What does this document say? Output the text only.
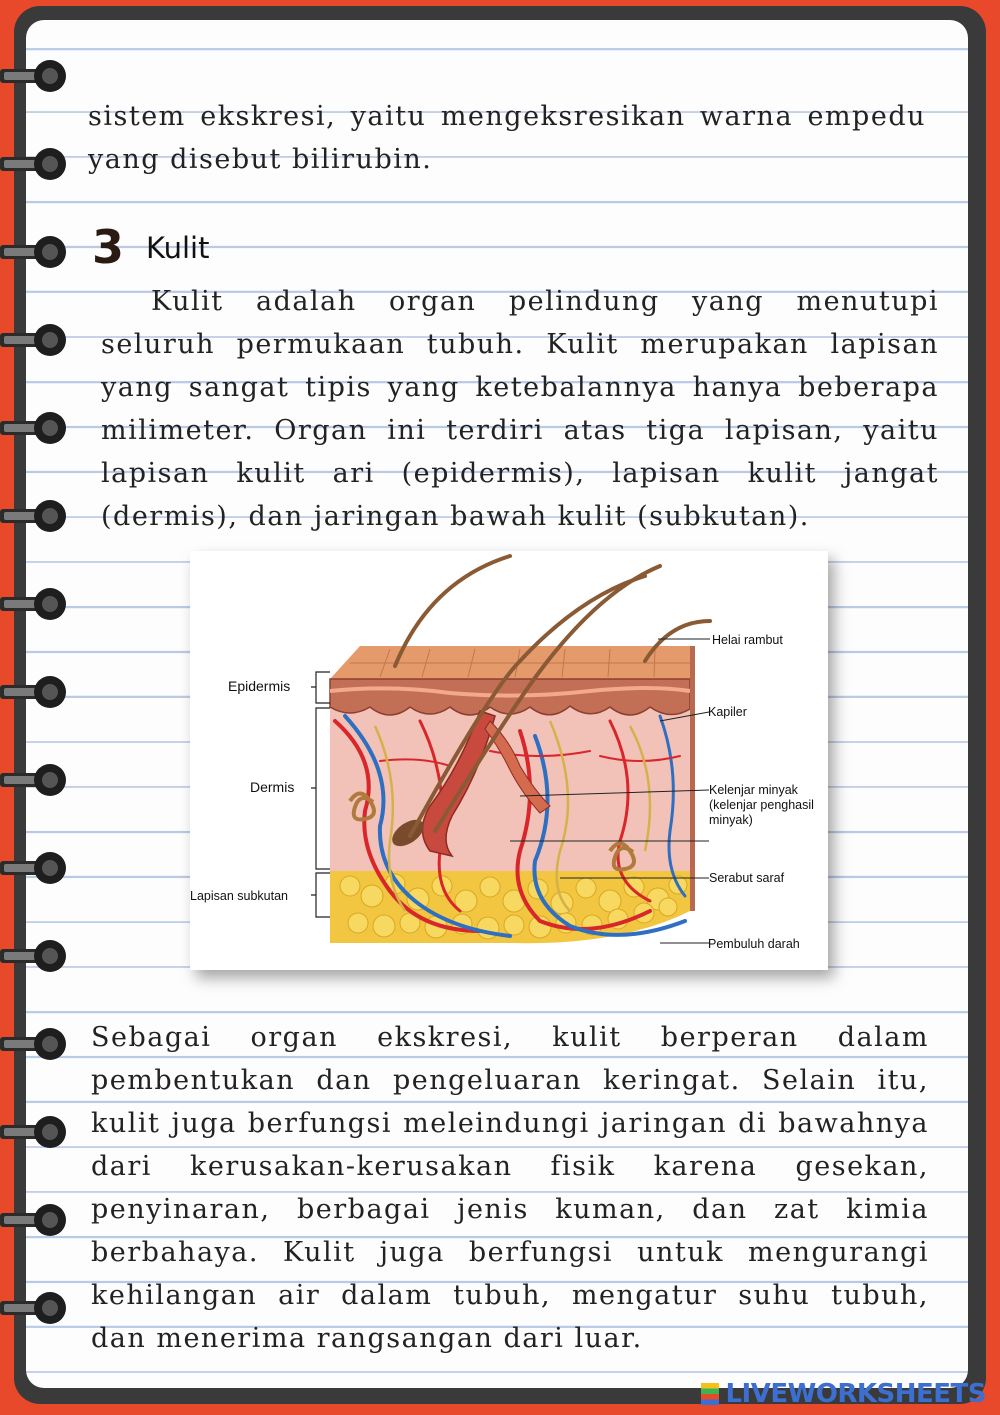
sistem ekskresi, yaitu mengeksresikan warna empedu yang disebut bilirubin.

3 Kulit

Kulit adalah organ pelindung yang menutupi seluruh permukaan tubuh. Kulit merupakan lapisan yang sangat tipis yang ketebalannya hanya beberapa milimeter. Organ ini terdiri atas tiga lapisan, yaitu lapisan kulit ari (epidermis), lapisan kulit jangat (dermis), dan jaringan bawah kulit (subkutan).

Epidermis
Dermis
Lapisan subkutan
Helai rambut
Kapiler
Kelenjar minyak
(kelenjar penghasil
minyak)
Serabut saraf
Pembuluh darah

Sebagai organ ekskresi, kulit berperan dalam pembentukan dan pengeluaran keringat. Selain itu, kulit juga berfungsi meleindungi jaringan di bawahnya dari kerusakan-kerusakan fisik karena gesekan, penyinaran, berbagai jenis kuman, dan zat kimia berbahaya. Kulit juga berfungsi untuk mengurangi kehilangan air dalam tubuh, mengatur suhu tubuh, dan menerima rangsangan dari luar.

LIVEWORKSHEETS
